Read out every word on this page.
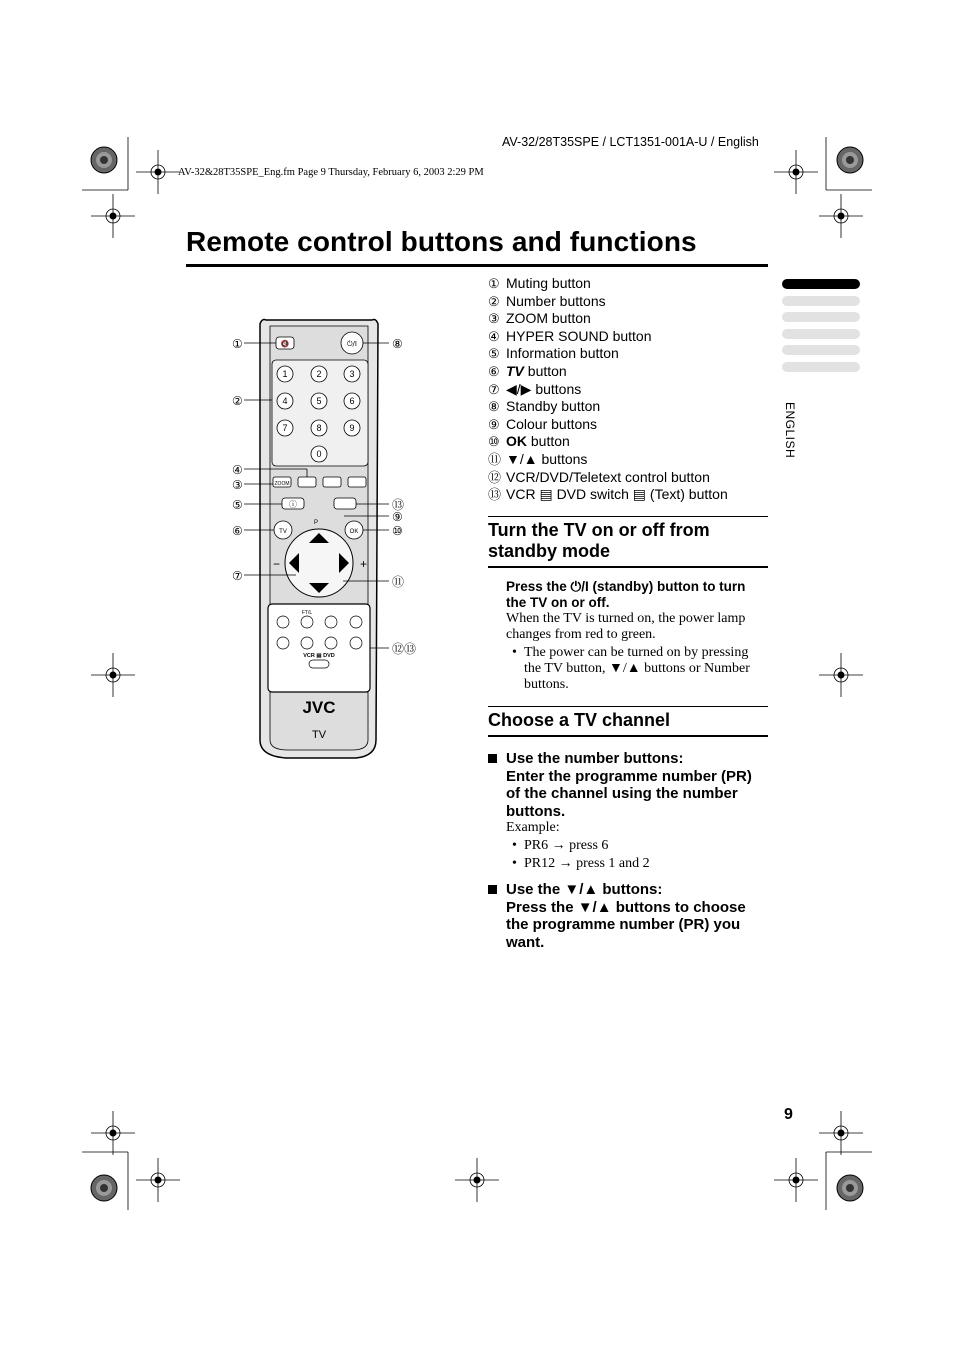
AV-32/28T35SPE / LCT1351-001A-U / English
AV-32&28T35SPE_Eng.fm Page 9 Thursday, February 6, 2003 2:29 PM
Remote control buttons and functions
🔇	⏻/I
1	2	3
4	5	6
7	8	9
0
ZOOM
ⓘ
TV	OK
P
−	+
FT/L
VCR ▤ DVD
JVC
TV
①
②
③
④
⑤
⑥
⑦
⑧
⑨
⑩
⑪
⑫⑬
⑬
① Muting button
② Number buttons
③ ZOOM button
④ HYPER SOUND button
⑤ Information button
⑥ TV button
⑦ ◀/▶ buttons
⑧ Standby button
⑨ Colour buttons
⑩ OK button
⑪ ▼/▲ buttons
⑫ VCR/DVD/Teletext control button
⑬ VCR ▤ DVD switch ▤ (Text) button
Turn the TV on or off from standby mode
Press the ⏻/I (standby) button to turn the TV on or off.
When the TV is turned on, the power lamp changes from red to green.
• The power can be turned on by pressing the TV button, ▼/▲ buttons or Number buttons.
Choose a TV channel
Use the number buttons:
Enter the programme number (PR) of the channel using the number buttons.
Example:
• PR6 → press 6
• PR12 → press 1 and 2
Use the ▼/▲ buttons:
Press the ▼/▲ buttons to choose the programme number (PR) you want.
ENGLISH
9
